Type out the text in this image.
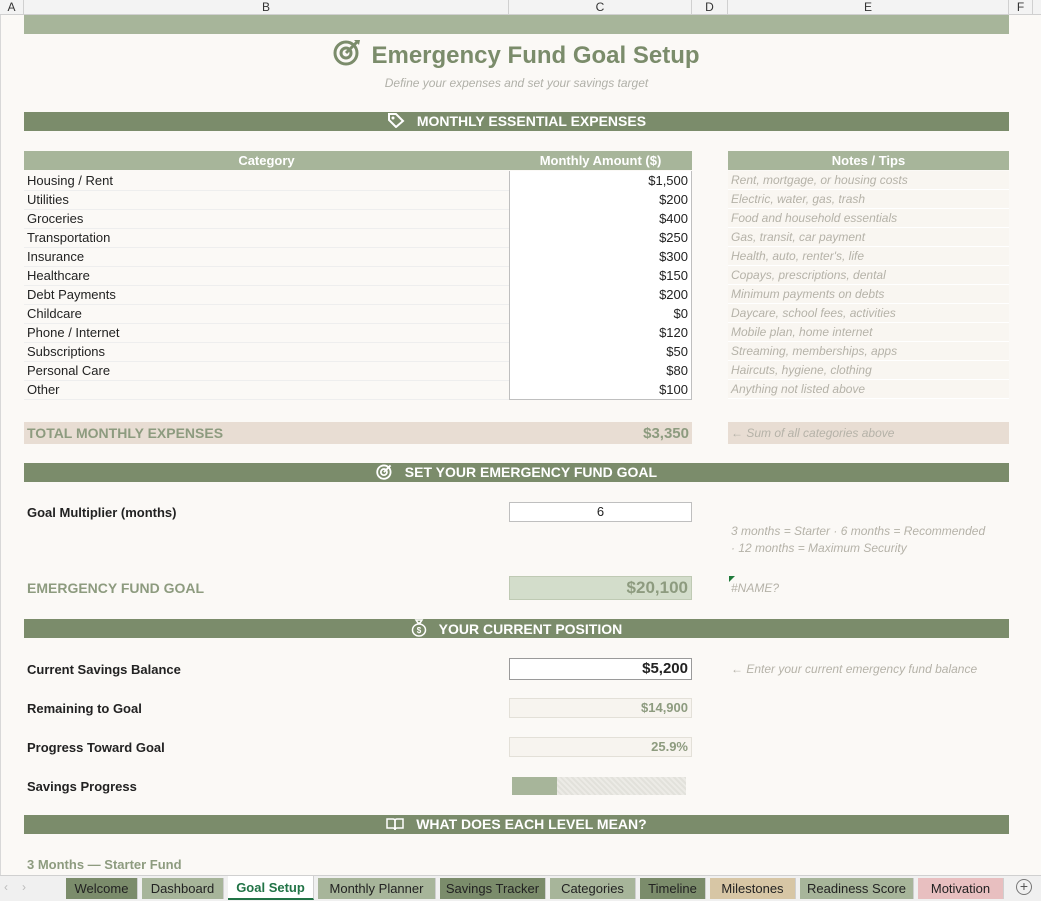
A	B	C	D	E	F
Emergency Fund Goal Setup
Define your expenses and set your savings target
MONTHLY ESSENTIAL EXPENSES
Category	Monthly Amount ($)	Notes / Tips
Housing / Rent	$1,500	Rent, mortgage, or housing costs
Utilities	$200	Electric, water, gas, trash
Groceries	$400	Food and household essentials
Transportation	$250	Gas, transit, car payment
Insurance	$300	Health, auto, renter's, life
Healthcare	$150	Copays, prescriptions, dental
Debt Payments	$200	Minimum payments on debts
Childcare	$0	Daycare, school fees, activities
Phone / Internet	$120	Mobile plan, home internet
Subscriptions	$50	Streaming, memberships, apps
Personal Care	$80	Haircuts, hygiene, clothing
Other	$100	Anything not listed above
TOTAL MONTHLY EXPENSES	$3,350	← Sum of all categories above
SET YOUR EMERGENCY FUND GOAL
Goal Multiplier (months)	6
3 months = Starter · 6 months = Recommended
· 12 months = Maximum Security
EMERGENCY FUND GOAL	$20,100	#NAME?
$ YOUR CURRENT POSITION
Current Savings Balance	$5,200	← Enter your current emergency fund balance
Remaining to Goal	$14,900
Progress Toward Goal	25.9%
Savings Progress
WHAT DOES EACH LEVEL MEAN?
3 Months — Starter Fund
‹ ›	Welcome	Dashboard	Goal Setup	Monthly Planner	Savings Tracker	Categories	Timeline	Milestones	Readiness Score	Motivation	+
